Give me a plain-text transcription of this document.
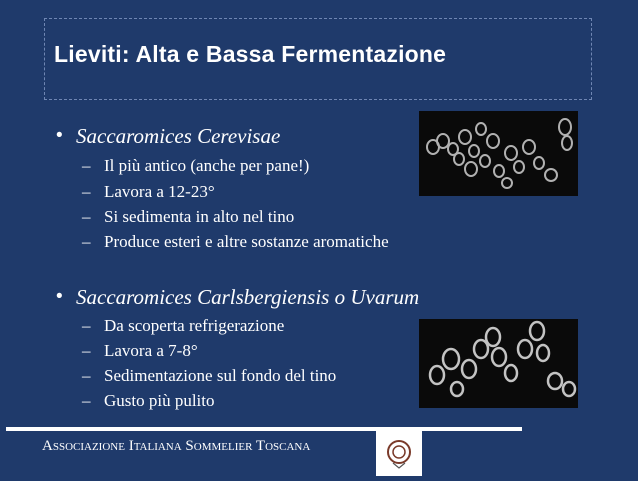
Lieviti: Alta e Bassa Fermentazione
• Saccaromices Cerevisae
– Il più antico (anche per pane!)
– Lavora a 12-23°
– Si sedimenta in alto nel tino
– Produce esteri e altre sostanze aromatiche
• Saccaromices Carlsbergiensis o Uvarum
– Da scoperta refrigerazione
– Lavora a 7-8°
– Sedimentazione sul fondo del tino
– Gusto più pulito
Associazione Italiana Sommelier Toscana
